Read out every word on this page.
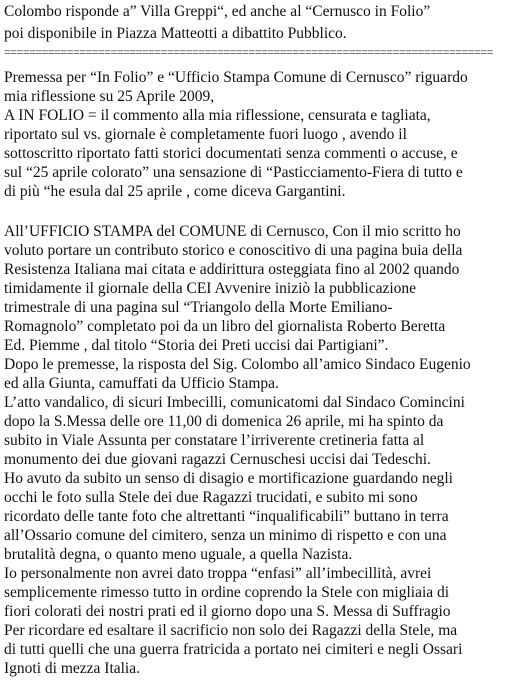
Colombo risponde a” Villa Greppi“, ed anche al “Cernusco in Folio”
poi disponibile in Piazza Matteotti a dibattito Pubblico.
==============================================================================
Premessa per “In Folio” e “Ufficio Stampa Comune di Cernusco” riguardo
mia riflessione su 25 Aprile 2009,
A IN FOLIO = il commento alla mia riflessione, censurata e tagliata,
riportato sul vs. giornale è completamente fuori luogo , avendo il
sottoscritto riportato fatti storici documentati senza commenti o accuse, e
sul “25 aprile colorato” una sensazione di “Pasticciamento-Fiera di tutto e
di più “he esula dal 25 aprile , come diceva Gargantini.
All’UFFICIO STAMPA del COMUNE di Cernusco, Con il mio scritto ho
voluto portare un contributo storico e conoscitivo di una pagina buia della
Resistenza Italiana mai citata e addirittura osteggiata fino al 2002 quando
timidamente il giornale della CEI Avvenire iniziò la pubblicazione
trimestrale di una pagina sul “Triangolo della Morte Emiliano-
Romagnolo” completato poi da un libro del giornalista Roberto Beretta
Ed. Piemme , dal titolo “Storia dei Preti uccisi dai Partigiani”.
Dopo le premesse, la risposta del Sig. Colombo all’amico Sindaco Eugenio
ed alla Giunta, camuffati da Ufficio Stampa.
L’atto vandalico, di sicuri Imbecilli, comunicatomi dal Sindaco Comincini
dopo la S.Messa delle ore 11,00 di domenica 26 aprile, mi ha spinto da
subito in Viale Assunta per constatare l’irriverente cretineria fatta al
monumento dei due giovani ragazzi Cernuschesi uccisi dai Tedeschi.
Ho avuto da subito un senso di disagio e mortificazione guardando negli
occhi le foto sulla Stele dei due Ragazzi trucidati, e subito mi sono
ricordato delle tante foto che altrettanti “inqualificabili” buttano in terra
all’Ossario comune del cimitero, senza un minimo di rispetto e con una
brutalità degna, o quanto meno uguale, a quella Nazista.
Io personalmente non avrei dato troppa “enfasi” all’imbecillità, avrei
semplicemente rimesso tutto in ordine coprendo la Stele con migliaia di
fiori colorati dei nostri prati ed il giorno dopo una S. Messa di Suffragio
Per ricordare ed esaltare il sacrificio non solo dei Ragazzi della Stele, ma
di tutti quelli che una guerra fratricida a portato nei cimiteri e negli Ossari
Ignoti di mezza Italia.
